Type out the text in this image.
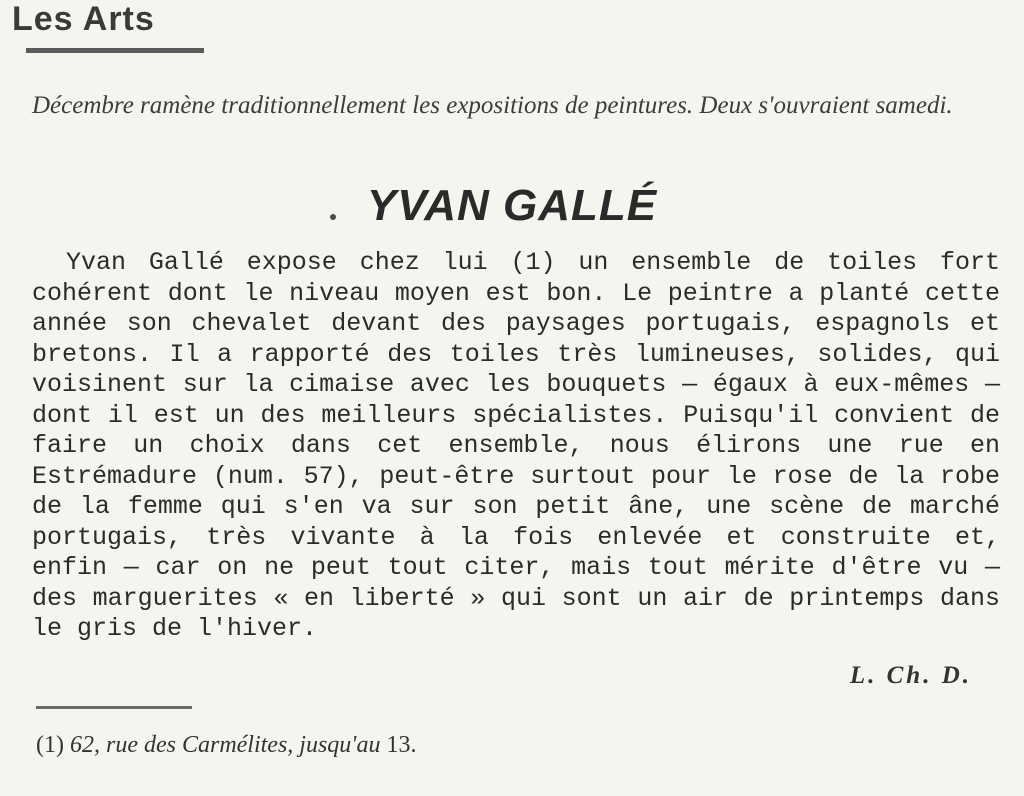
Les Arts
Décembre ramène traditionnellement les expositions de peintures. Deux s'ouvraient samedi.
YVAN GALLÉ
Yvan Gallé expose chez lui (1) un ensemble de toiles fort cohérent dont le niveau moyen est bon. Le peintre a planté cette année son chevalet devant des paysages portugais, espagnols et bretons. Il a rapporté des toiles très lumineuses, solides, qui voisinent sur la cimaise avec les bouquets — égaux à eux-mêmes — dont il est un des meilleurs spécialistes. Puisqu'il convient de faire un choix dans cet ensemble, nous élirons une rue en Estrémadure (num. 57), peut-être surtout pour le rose de la robe de la femme qui s'en va sur son petit âne, une scène de marché portugais, très vivante à la fois enlevée et construite et, enfin — car on ne peut tout citer, mais tout mérite d'être vu — des marguerites « en liberté » qui sont un air de printemps dans le gris de l'hiver.
L. Ch. D.
(1) 62, rue des Carmélites, jusqu'au 13.
